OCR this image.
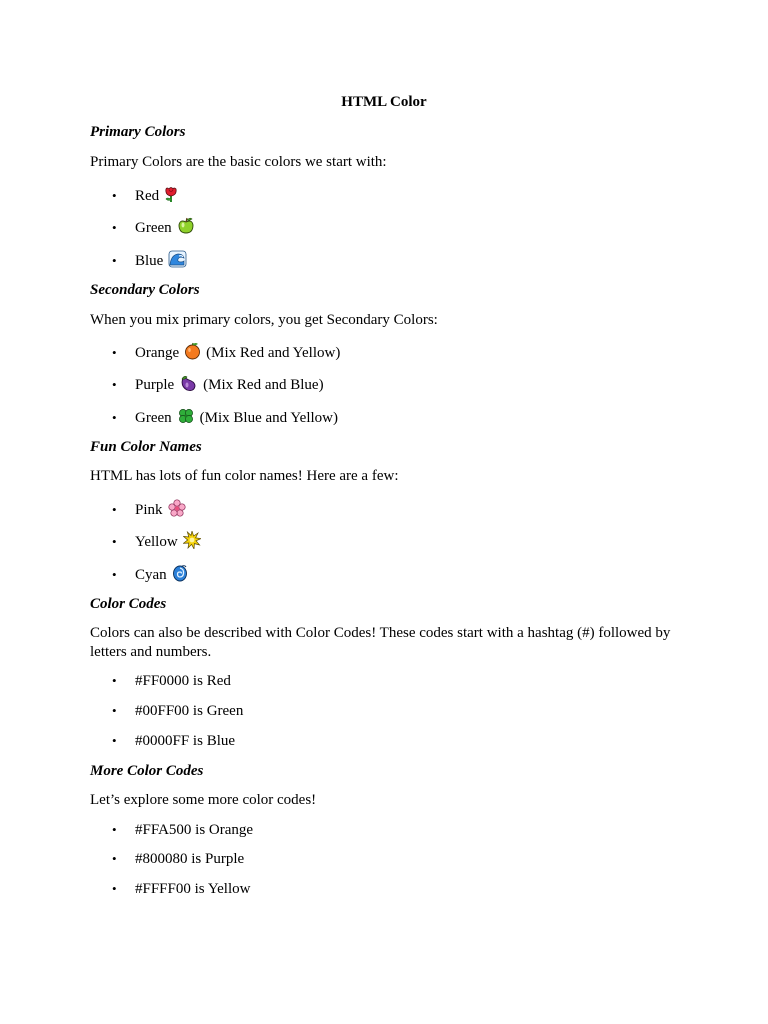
HTML Color
Primary Colors
Primary Colors are the basic colors we start with:
• Red
• Green
• Blue
Secondary Colors
When you mix primary colors, you get Secondary Colors:
• Orange (Mix Red and Yellow)
• Purple (Mix Red and Blue)
• Green (Mix Blue and Yellow)
Fun Color Names
HTML has lots of fun color names! Here are a few:
• Pink
• Yellow
• Cyan
Color Codes
Colors can also be described with Color Codes! These codes start with a hashtag (#) followed by letters and numbers.
• #FF0000 is Red
• #00FF00 is Green
• #0000FF is Blue
More Color Codes
Let’s explore some more color codes!
• #FFA500 is Orange
• #800080 is Purple
• #FFFF00 is Yellow
